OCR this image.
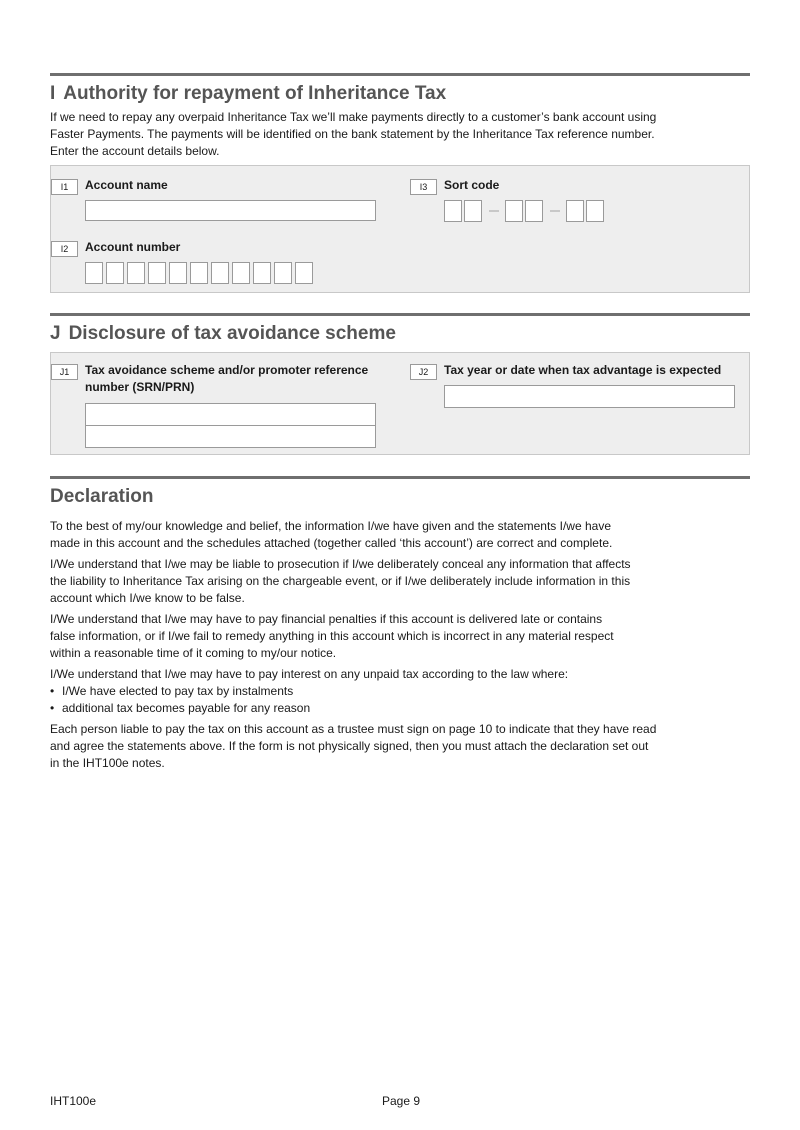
I Authority for repayment of Inheritance Tax

If we need to repay any overpaid Inheritance Tax we’ll make payments directly to a customer’s bank account using

Faster Payments. The payments will be identified on the bank statement by the Inheritance Tax reference number.

Enter the account details below.

I1	Account name	I3	Sort code
I2	Account number
J Disclosure of tax avoidance scheme
J1	Tax avoidance scheme and/or promoter reference
number (SRN/PRN)
J2	Tax year or date when tax advantage is expected
Declaration

To the best of my/our knowledge and belief, the information I/we have given and the statements I/we have
made in this account and the schedules attached (together called ‘this account’) are correct and complete.

I/We understand that I/we may be liable to prosecution if I/we deliberately conceal any information that affects
the liability to Inheritance Tax arising on the chargeable event, or if I/we deliberately include information in this
account which I/we know to be false.

I/We understand that I/we may have to pay financial penalties if this account is delivered late or contains
false information, or if I/we fail to remedy anything in this account which is incorrect in any material respect
within a reasonable time of it coming to my/our notice.

I/We understand that I/we may have to pay interest on any unpaid tax according to the law where:

• I/We have elected to pay tax by instalments
• additional tax becomes payable for any reason

Each person liable to pay the tax on this account as a trustee must sign on page 10 to indicate that they have read
and agree the statements above. If the form is not physically signed, then you must attach the declaration set out
in the IHT100e notes.

IHT100e	Page 9
